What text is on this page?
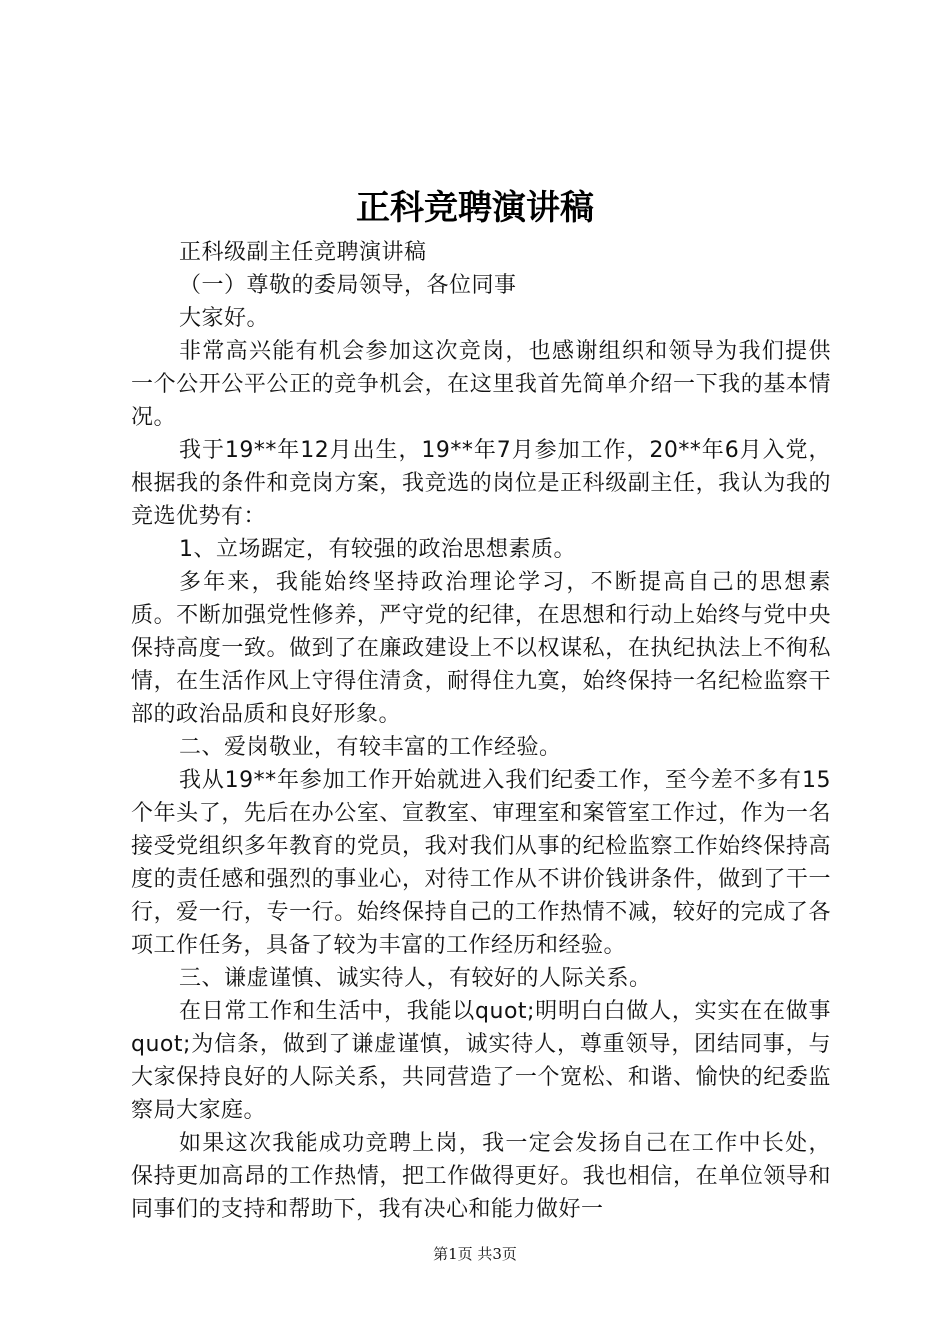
正科竞聘演讲稿

正科级副主任竞聘演讲稿

（一）尊敬的委局领导，各位同事

大家好。

非常高兴能有机会参加这次竞岗，也感谢组织和领导为我们提供一个公开公平公正的竞争机会，在这里我首先简单介绍一下我的基本情况。

我于19**年12月出生，19**年7月参加工作，20**年6月入党，根据我的条件和竞岗方案，我竞选的岗位是正科级副主任，我认为我的竞选优势有：

1、立场踞定，有较强的政治思想素质。

多年来，我能始终坚持政治理论学习，不断提高自己的思想素质。不断加强党性修养，严守党的纪律，在思想和行动上始终与党中央保持高度一致。做到了在廉政建设上不以权谋私，在执纪执法上不徇私情，在生活作风上守得住清贪，耐得住九寞，始终保持一名纪检监察干部的政治品质和良好形象。

二、爱岗敬业，有较丰富的工作经验。

我从19**年参加工作开始就进入我们纪委工作，至今差不多有15个年头了，先后在办公室、宣教室、审理室和案管室工作过，作为一名接受党组织多年教育的党员，我对我们从事的纪检监察工作始终保持高度的责任感和强烈的事业心，对待工作从不讲价钱讲条件，做到了干一行，爱一行，专一行。始终保持自己的工作热情不减，较好的完成了各项工作任务，具备了较为丰富的工作经历和经验。

三、谦虚谨慎、诚实待人，有较好的人际关系。

在日常工作和生活中，我能以quot;明明白白做人，实实在在做事quot;为信条，做到了谦虚谨慎，诚实待人，尊重领导，团结同事，与大家保持良好的人际关系，共同营造了一个宽松、和谐、愉快的纪委监察局大家庭。

如果这次我能成功竞聘上岗，我一定会发扬自己在工作中长处，保持更加高昂的工作热情，把工作做得更好。我也相信，在单位领导和同事们的支持和帮助下，我有决心和能力做好一

第1页 共3页
